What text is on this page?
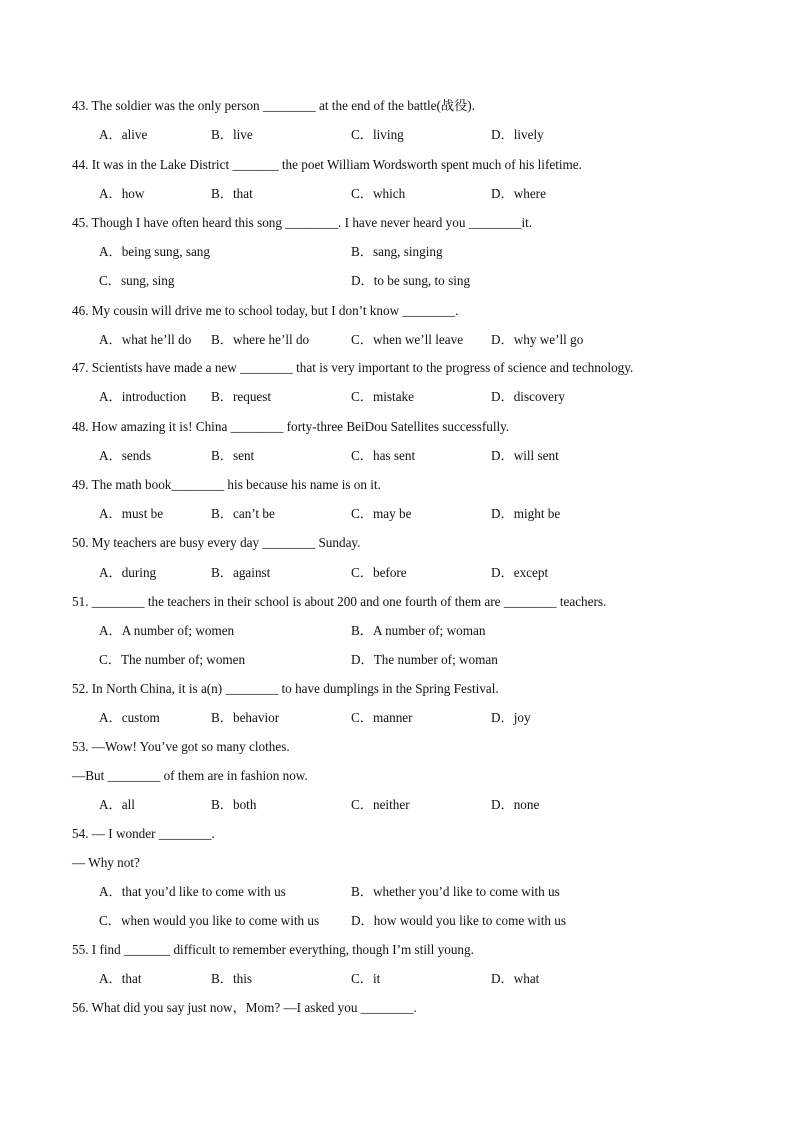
43. The soldier was the only person ________ at the end of the battle(战役).
A．alive	B．live	C．living	D．lively
44. It was in the Lake District _______ the poet William Wordsworth spent much of his lifetime.
A．how	B．that	C．which	D．where
45. Though I have often heard this song ________. I have never heard you ________it.
A．being sung, sang	B．sang, singing
C．sung, sing	D．to be sung, to sing
46. My cousin will drive me to school today, but I don’t know ________.
A．what he’ll do B．where he’ll do	C．when we’ll leave D．why we’ll go
47. Scientists have made a new ________ that is very important to the progress of science and technology.
A．introduction B．request	C．mistake	D．discovery
48. How amazing it is! China ________ forty-three BeiDou Satellites successfully.
A．sends	B．sent	C．has sent	D．will sent
49. The math book________ his because his name is on it.
A．must be	B．can’t be	C．may be	D．might be
50. My teachers are busy every day ________ Sunday.
A．during	B．against	C．before	D．except
51. ________ the teachers in their school is about 200 and one fourth of them are ________ teachers.
A．A number of; women	B．A number of; woman
C．The number of; women	D．The number of; woman
52. In North China, it is a(n) ________ to have dumplings in the Spring Festival.
A．custom	B．behavior	C．manner	D．joy
53. —Wow! You’ve got so many clothes.
—But ________ of them are in fashion now.
A．all	B．both	C．neither	D．none
54. — I wonder ________.
— Why not?
A．that you’d like to come with us	B．whether you’d like to come with us
C．when would you like to come with us D．how would you like to come with us
55. I find _______ difficult to remember everything, though I’m still young.
A．that	B．this	C．it	D．what
56. What did you say just now，Mom? —I asked you ________.
